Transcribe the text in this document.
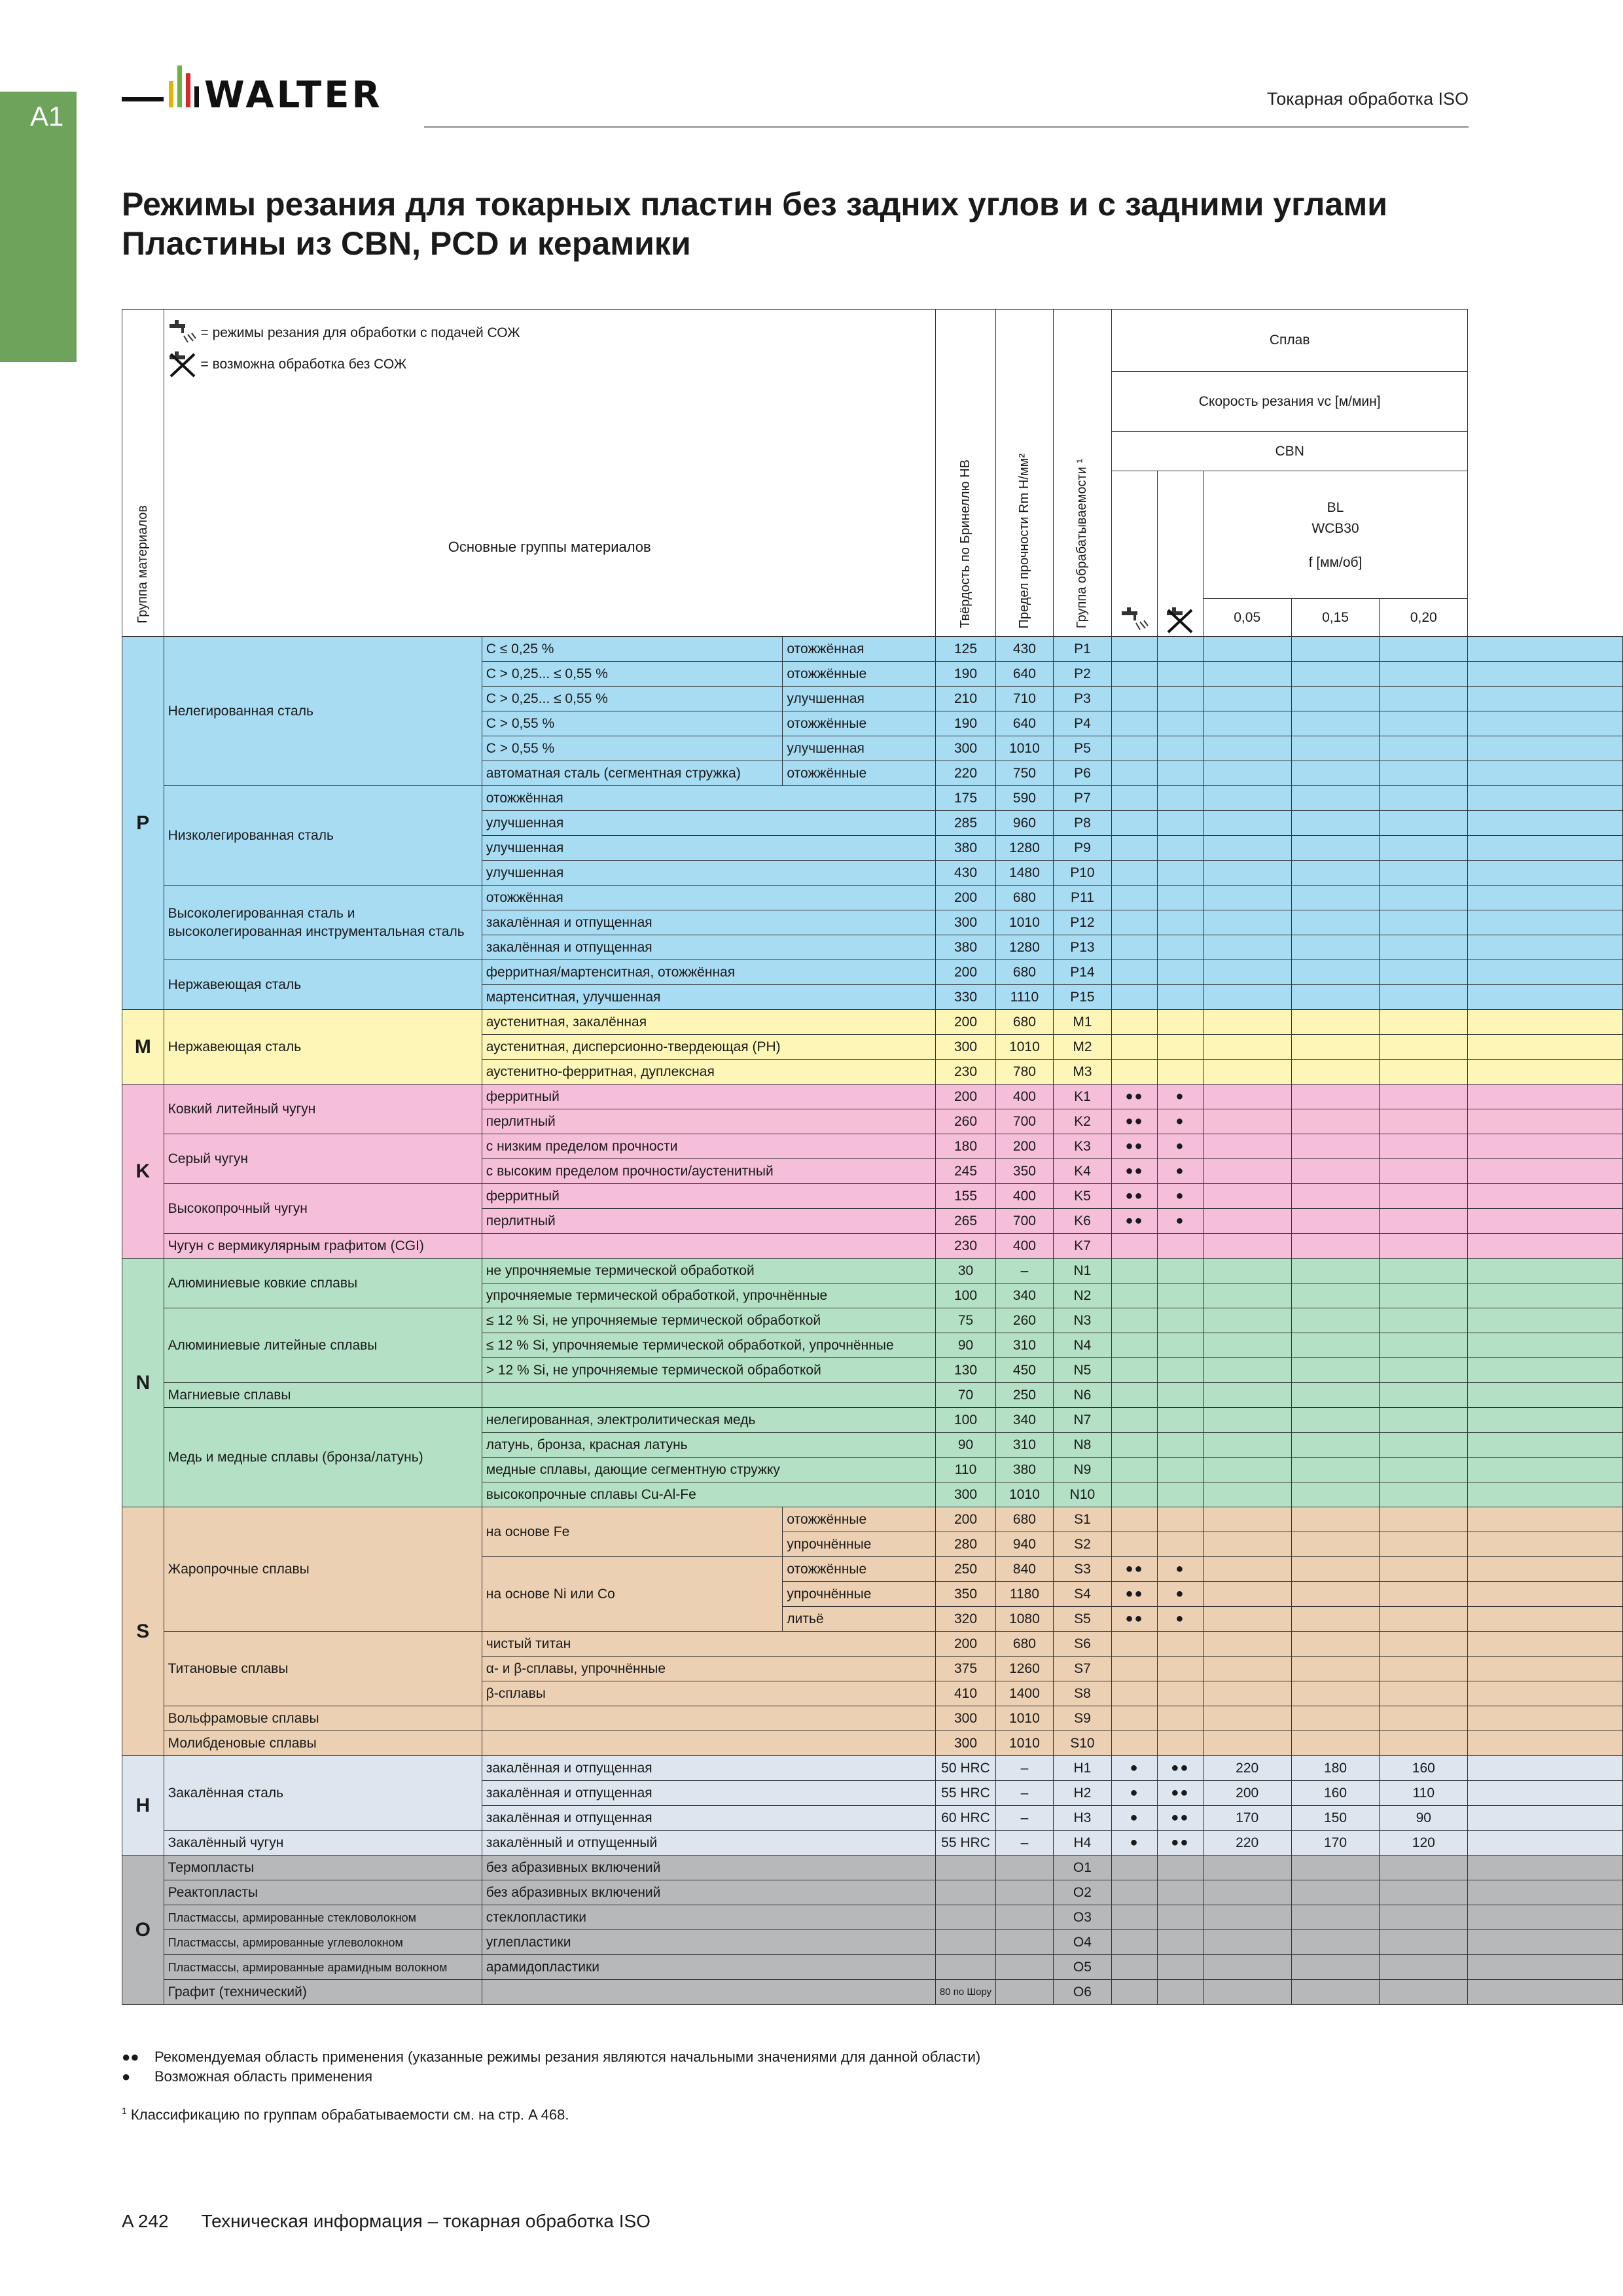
A1	WALTER	Токарная обработка ISO
Режимы резания для токарных пластин без задних углов и с задними углами
Пластины из CBN, PCD и керамики
Группа материалов	= режимы резания для обработки с подачей СОЖ
= возможна обработка без СОЖ
Основные группы материалов			Твёрдость по Бринеллю HB	Предел прочности Rm Н/мм²	Группа обрабатываемости ¹	Сплав					
							Скорость резания vc [м/мин]					
							CBN					

BL
WCB30
f [мм/об]			

									0,05	0,15	0,20	
P	Нелегированная сталь	C ≤ 0,25 %	отожжённая	125	430	P1						
		C > 0,25... ≤ 0,55 %	отожжённые	190	640	P2						
		C > 0,25... ≤ 0,55 %	улучшенная	210	710	P3						
		C > 0,55 %	отожжённые	190	640	P4						
		C > 0,55 %	улучшенная	300	1010	P5						
		автоматная сталь (сегментная стружка)	отожжённые	220	750	P6						
	Низколегированная сталь	отожжённая		175	590	P7						
		улучшенная		285	960	P8						
		улучшенная		380	1280	P9						
		улучшенная		430	1480	P10						
	Высоколегированная сталь и высоколегированная инструментальная сталь	отожжённая		200	680	P11						
		закалённая и отпущенная		300	1010	P12						
		закалённая и отпущенная		380	1280	P13						
	Нержавеющая сталь	ферритная/мартенситная, отожжённая		200	680	P14						
		мартенситная, улучшенная		330	1110	P15						
M	Нержавеющая сталь	аустенитная, закалённая		200	680	M1						
		аустенитная, дисперсионно-твердеющая (PH)		300	1010	M2						
		аустенитно-ферритная, дуплексная		230	780	M3						
K	Ковкий литейный чугун	ферритный		200	400	K1	●●	●				
		перлитный		260	700	K2	●●	●				
	Серый чугун	с низким пределом прочности		180	200	K3	●●	●				
		с высоким пределом прочности/аустенитный		245	350	K4	●●	●				
	Высокопрочный чугун	ферритный		155	400	K5	●●	●				
		перлитный		265	700	K6	●●	●				
	Чугун с вермикулярным графитом (CGI)			230	400	K7						
N	Алюминиевые ковкие сплавы	не упрочняемые термической обработкой		30	–	N1						
		упрочняемые термической обработкой, упрочнённые		100	340	N2						
	Алюминиевые литейные сплавы	≤ 12 % Si, не упрочняемые термической обработкой		75	260	N3						
		≤ 12 % Si, упрочняемые термической обработкой, упрочнённые		90	310	N4						
		> 12 % Si, не упрочняемые термической обработкой		130	450	N5						
	Магниевые сплавы			70	250	N6						
	Медь и медные сплавы (бронза/латунь)	нелегированная, электролитическая медь		100	340	N7						
		латунь, бронза, красная латунь		90	310	N8						
		медные сплавы, дающие сегментную стружку		110	380	N9						
		высокопрочные сплавы Cu-Al-Fe		300	1010	N10						
S	Жаропрочные сплавы	на основе Fe	отожжённые	200	680	S1						
			упрочнённые	280	940	S2						
		на основе Ni или Co	отожжённые	250	840	S3	●●	●				
			упрочнённые	350	1180	S4	●●	●				
			литьё	320	1080	S5	●●	●				
	Титановые сплавы	чистый титан		200	680	S6						
		α- и β-сплавы, упрочнённые		375	1260	S7						
		β-сплавы		410	1400	S8						
	Вольфрамовые сплавы			300	1010	S9						
	Молибденовые сплавы			300	1010	S10						
H	Закалённая сталь	закалённая и отпущенная		50 HRC	–	H1	●	●●	220	180	160	
		закалённая и отпущенная		55 HRC	–	H2	●	●●	200	160	110	
		закалённая и отпущенная		60 HRC	–	H3	●	●●	170	150	90	
	Закалённый чугун	закалённый и отпущенный		55 HRC	–	H4	●	●●	220	170	120	
O	Термопласты	без абразивных включений				O1						
	Реактопласты	без абразивных включений				O2						
	Пластмассы, армированные стекловолокном	стеклопластики				O3						
	Пластмассы, армированные углеволокном	углепластики				O4						
	Пластмассы, армированные арамидным волокном	арамидопластики				O5						
	Графит (технический)			80 по Шору		O6						
●● Рекомендуемая область применения (указанные режимы резания являются начальными значениями для данной области)
● Возможная область применения
$^1$ Классификацию по группам обрабатываемости см. на стр. A 468.
A 242 Техническая информация – токарная обработка ISO
